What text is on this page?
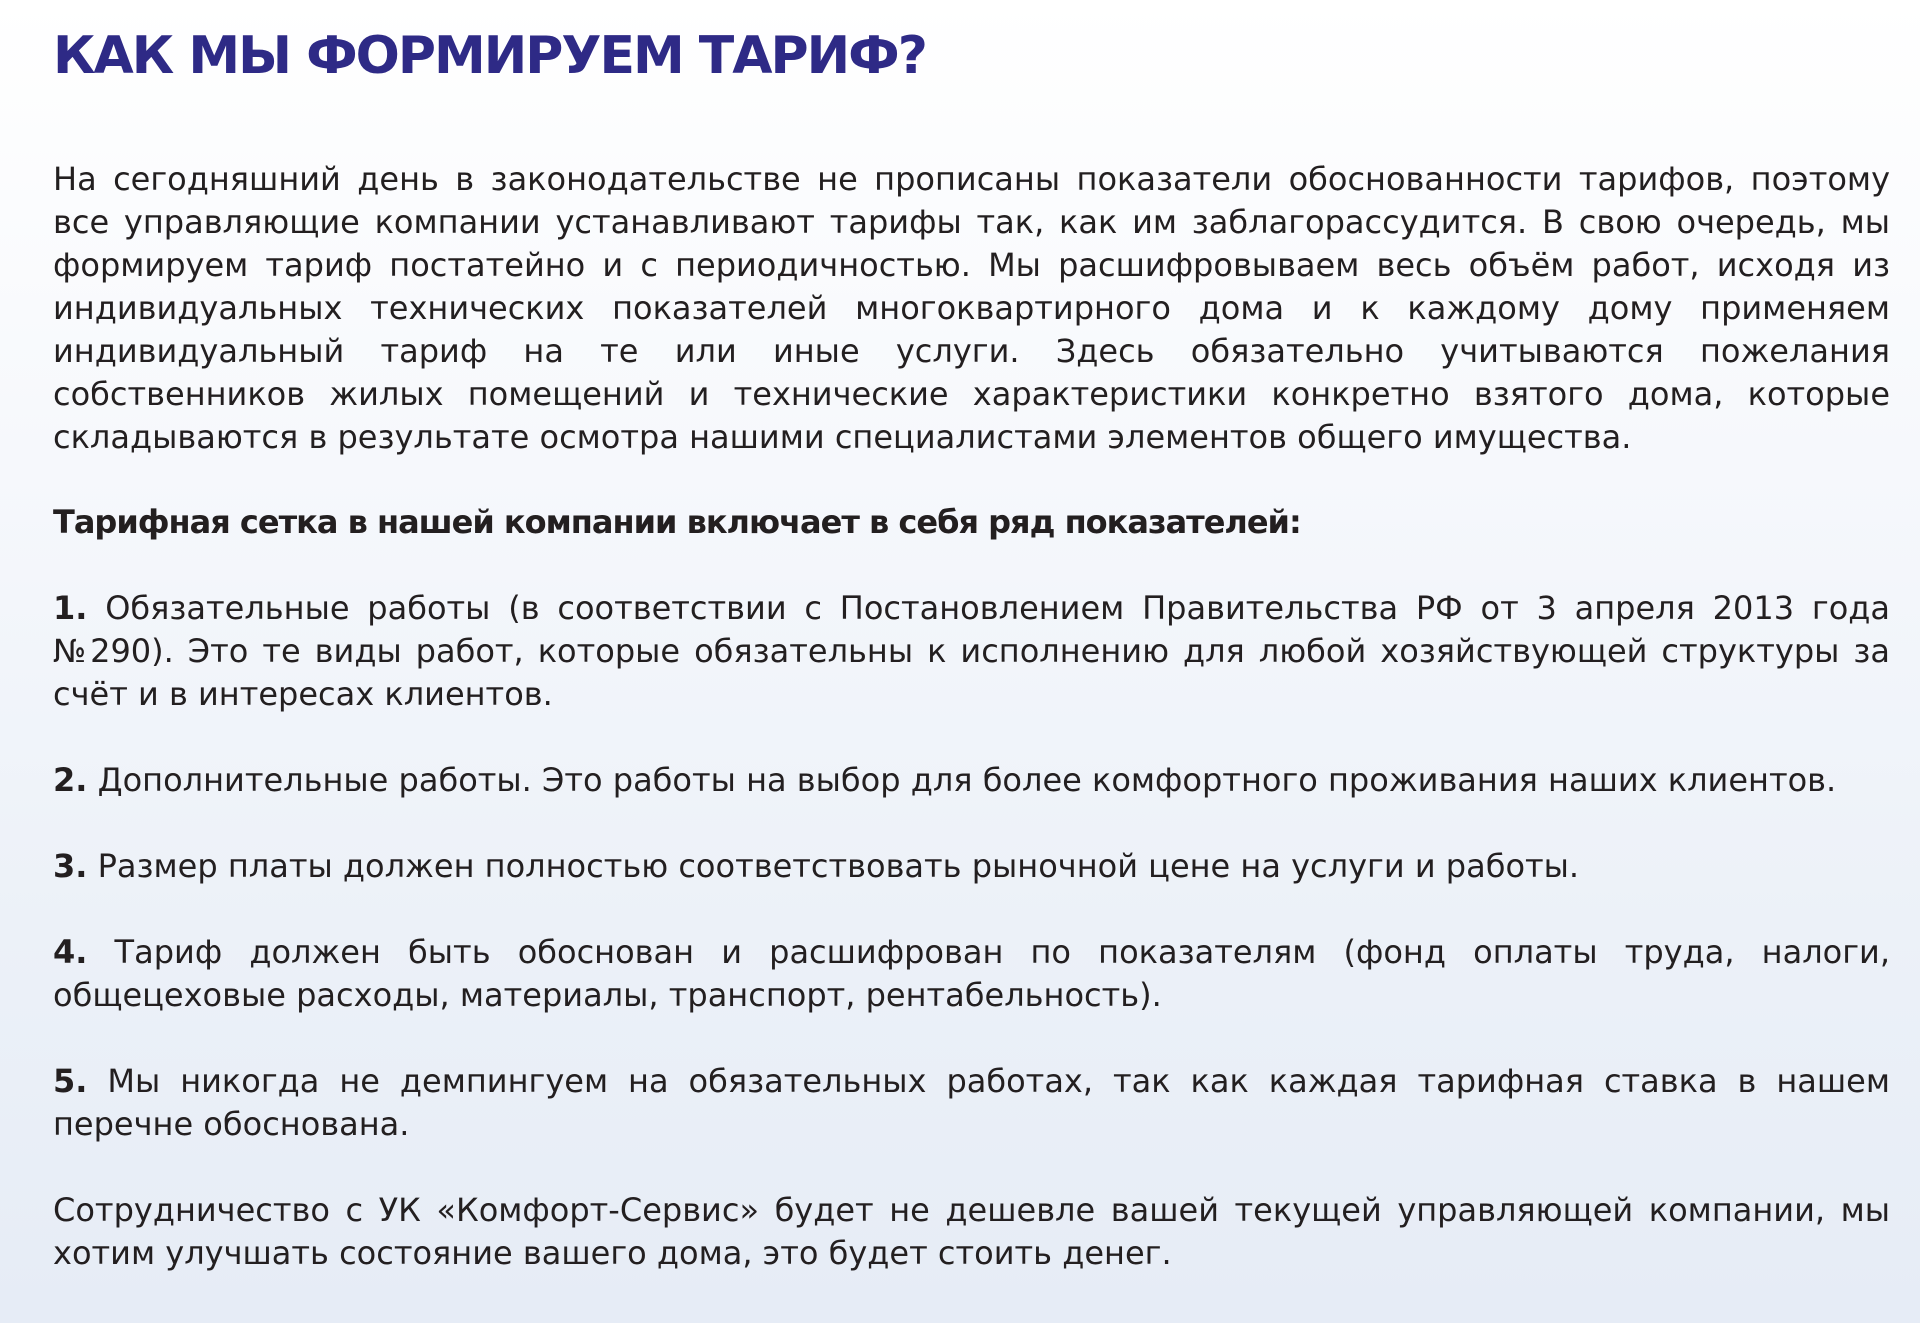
КАК МЫ ФОРМИРУЕМ ТАРИФ?

На сегодняшний день в законодательстве не прописаны показатели обоснованности тарифов, поэтому все управляющие компании устанавливают тарифы так, как им заблагорассудится. В свою очередь, мы формируем тариф постатейно и с периодичностью. Мы расшифровываем весь объём работ, исходя из индивидуальных технических показателей многоквартирного дома и к каждому дому применяем индивидуальный тариф на те или иные услуги. Здесь обязательно учитываются пожелания собственников жилых помещений и технические характеристики конкретно взятого дома, которые складываются в результате осмотра нашими специалистами элементов общего имущества.

Тарифная сетка в нашей компании включает в себя ряд показателей:

1. Обязательные работы (в соответствии с Постановлением Правительства РФ от 3 апреля 2013 года №290). Это те виды работ, которые обязательны к исполнению для любой хозяйствующей структуры за счёт и в интересах клиентов.
2. Дополнительные работы. Это работы на выбор для более комфортного проживания наших клиентов.
3. Размер платы должен полностью соответствовать рыночной цене на услуги и работы.
4. Тариф должен быть обоснован и расшифрован по показателям (фонд оплаты труда, налоги, общецеховые расходы, материалы, транспорт, рентабельность).
5. Мы никогда не демпингуем на обязательных работах, так как каждая тарифная ставка в нашем перечне обоснована.

Сотрудничество с УК «Комфорт-Сервис» будет не дешевле вашей текущей управляющей компании, мы хотим улучшать состояние вашего дома, это будет стоить денег.
